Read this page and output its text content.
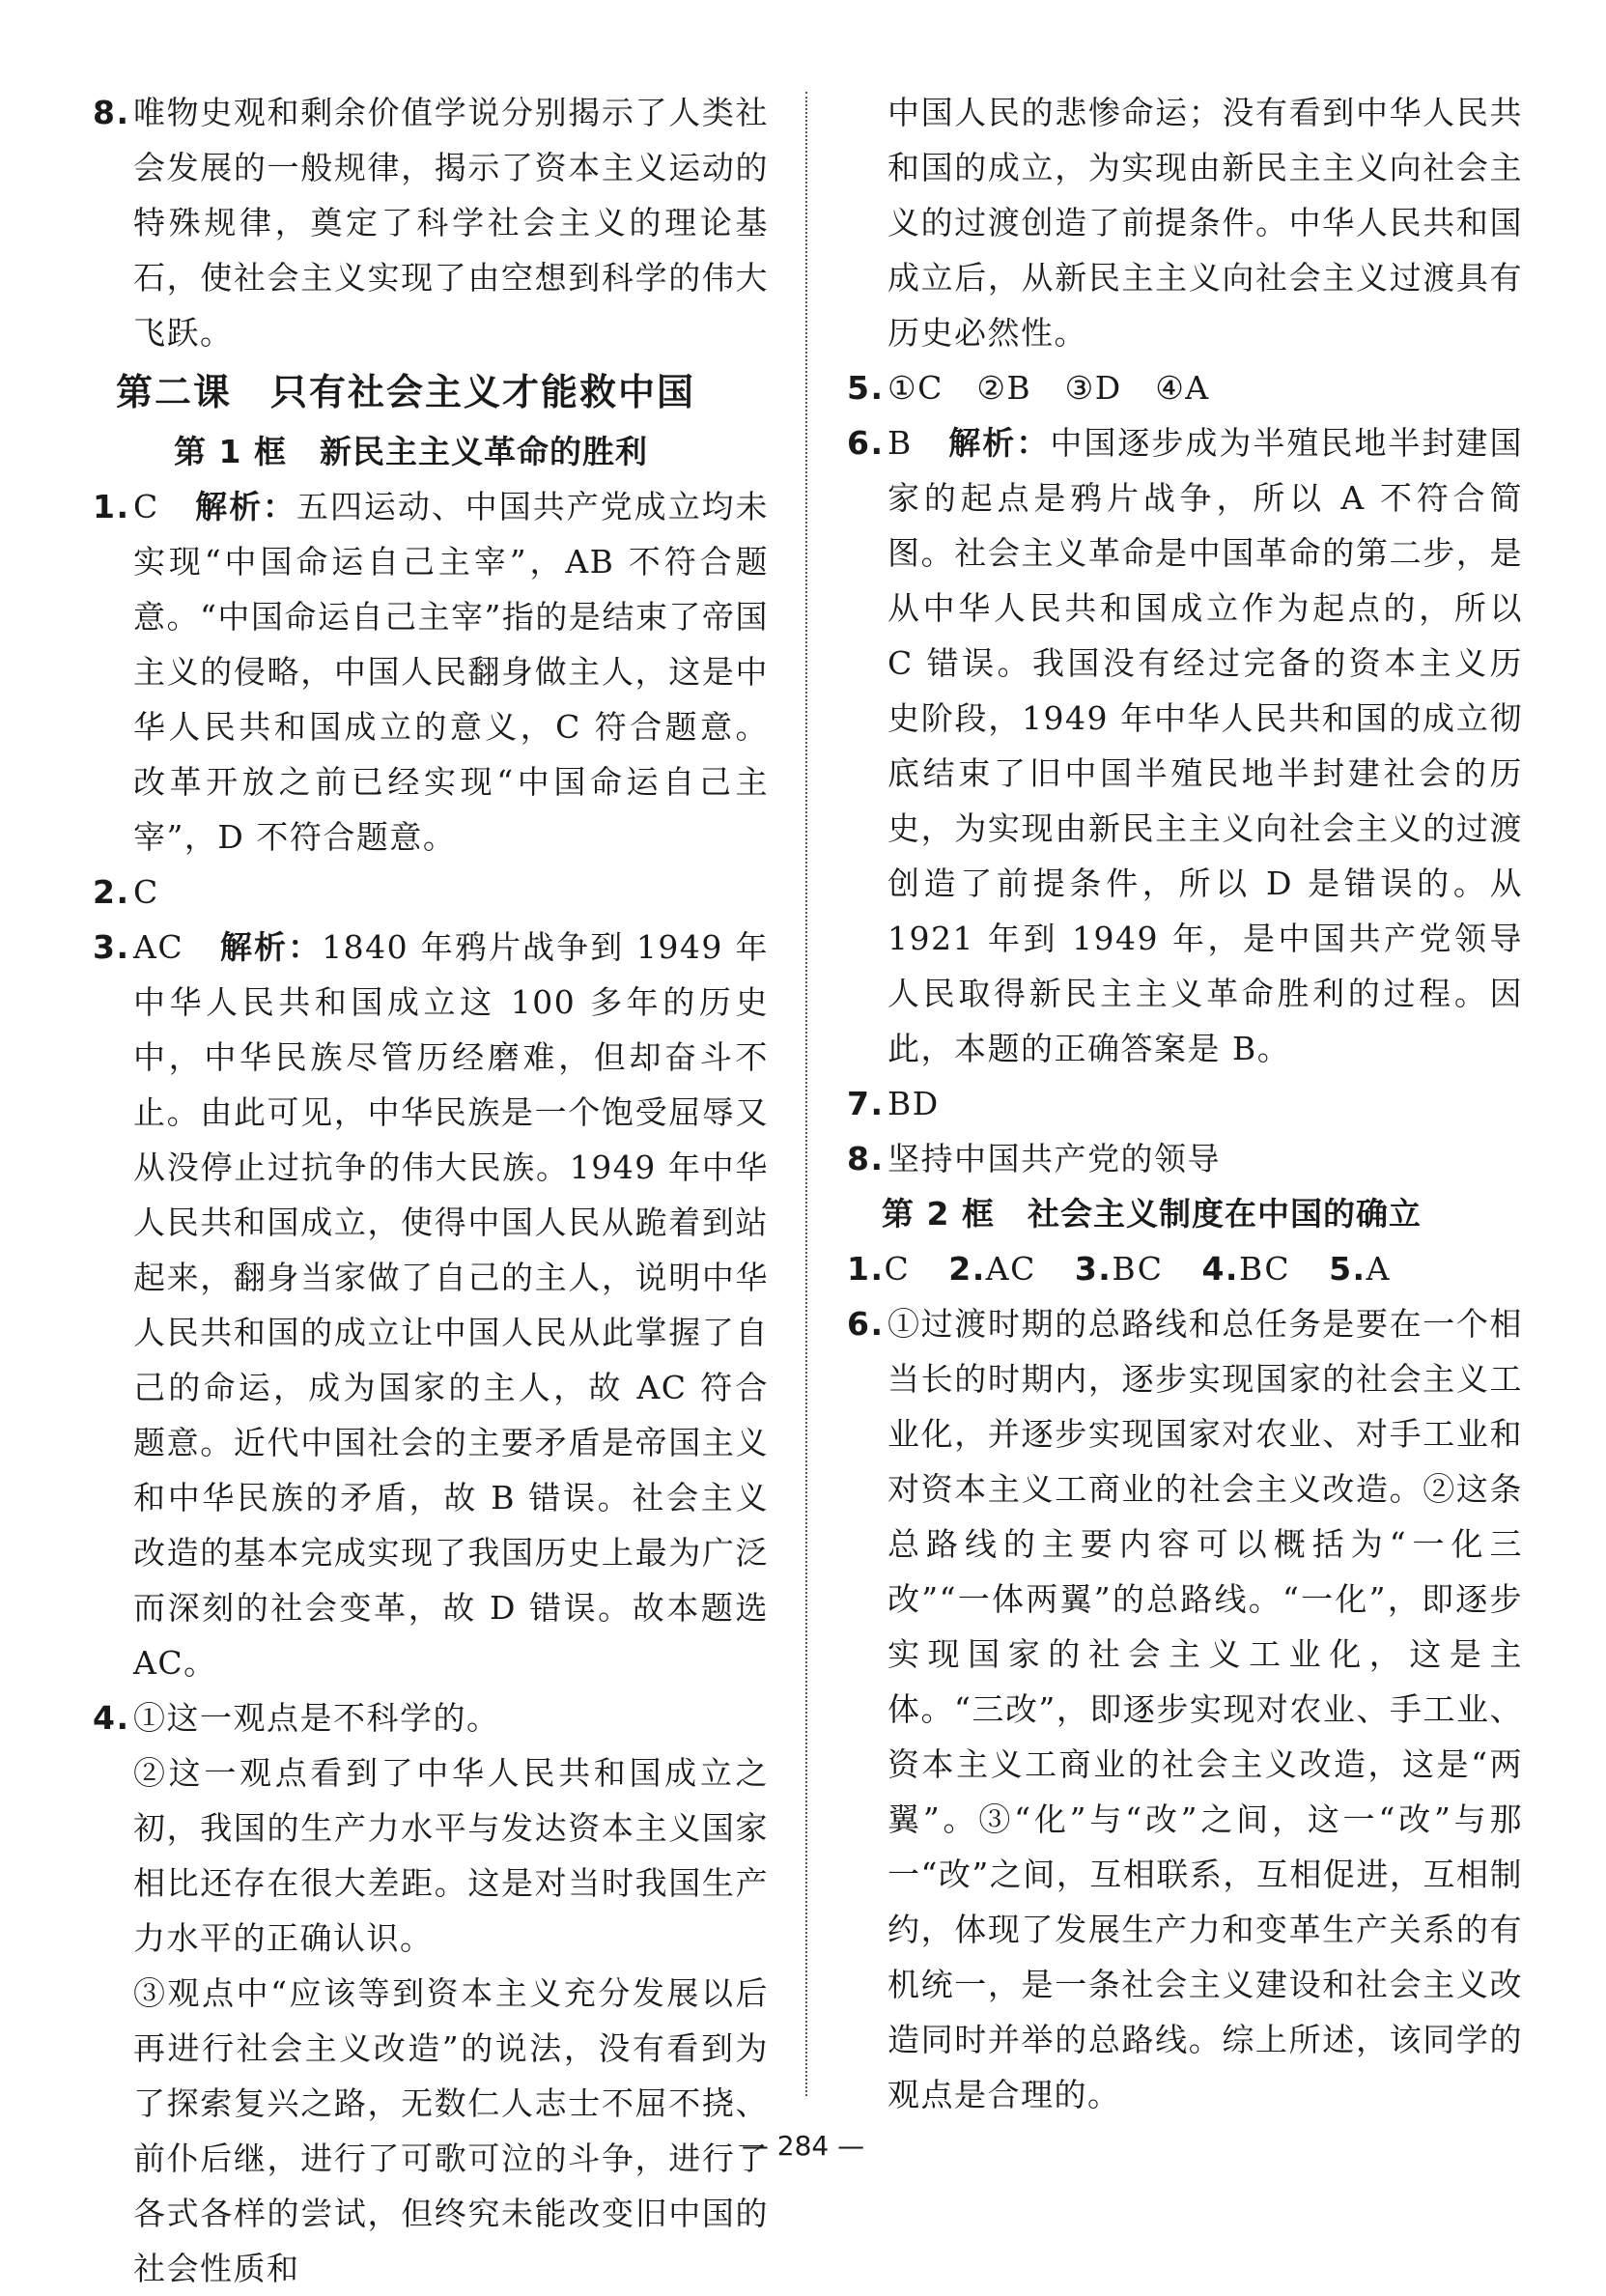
8. 唯物史观和剩余价值学说分别揭示了人类社会发展的一般规律，揭示了资本主义运动的特殊规律，奠定了科学社会主义的理论基石，使社会主义实现了由空想到科学的伟大飞跃。
第二课　只有社会主义才能救中国
第 1 框　新民主主义革命的胜利
1. C 解析：五四运动、中国共产党成立均未实现“中国命运自己主宰”，AB 不符合题意。“中国命运自己主宰”指的是结束了帝国主义的侵略，中国人民翻身做主人，这是中华人民共和国成立的意义，C 符合题意。改革开放之前已经实现“中国命运自己主宰”，D 不符合题意。
2. C
3. AC 解析：1840 年鸦片战争到 1949 年中华人民共和国成立这 100 多年的历史中，中华民族尽管历经磨难，但却奋斗不止。由此可见，中华民族是一个饱受屈辱又从没停止过抗争的伟大民族。1949 年中华人民共和国成立，使得中国人民从跪着到站起来，翻身当家做了自己的主人，说明中华人民共和国的成立让中国人民从此掌握了自己的命运，成为国家的主人，故 AC 符合题意。近代中国社会的主要矛盾是帝国主义和中华民族的矛盾，故 B 错误。社会主义改造的基本完成实现了我国历史上最为广泛而深刻的社会变革，故 D 错误。故本题选 AC。
4. ①这一观点是不科学的。
②这一观点看到了中华人民共和国成立之初，我国的生产力水平与发达资本主义国家相比还存在很大差距。这是对当时我国生产力水平的正确认识。
③观点中“应该等到资本主义充分发展以后再进行社会主义改造”的说法，没有看到为了探索复兴之路，无数仁人志士不屈不挠、前仆后继，进行了可歌可泣的斗争，进行了各式各样的尝试，但终究未能改变旧中国的社会性质和
中国人民的悲惨命运；没有看到中华人民共和国的成立，为实现由新民主主义向社会主义的过渡创造了前提条件。中华人民共和国成立后，从新民主主义向社会主义过渡具有历史必然性。
5. ①C　②B　③D　④A
6. B 解析：中国逐步成为半殖民地半封建国家的起点是鸦片战争，所以 A 不符合简图。社会主义革命是中国革命的第二步，是从中华人民共和国成立作为起点的，所以 C 错误。我国没有经过完备的资本主义历史阶段，1949 年中华人民共和国的成立彻底结束了旧中国半殖民地半封建社会的历史，为实现由新民主主义向社会主义的过渡创造了前提条件，所以 D 是错误的。从 1921 年到 1949 年，是中国共产党领导人民取得新民主主义革命胜利的过程。因此，本题的正确答案是 B。
7. BD
8. 坚持中国共产党的领导
第 2 框　社会主义制度在中国的确立
1.C 2.AC 3.BC 4.BC 5.A
6. ①过渡时期的总路线和总任务是要在一个相当长的时期内，逐步实现国家的社会主义工业化，并逐步实现国家对农业、对手工业和对资本主义工商业的社会主义改造。②这条总路线的主要内容可以概括为“一化三改”“一体两翼”的总路线。“一化”，即逐步实现国家的社会主义工业化，这是主体。“三改”，即逐步实现对农业、手工业、资本主义工商业的社会主义改造，这是“两翼”。③“化”与“改”之间，这一“改”与那一“改”之间，互相联系，互相促进，互相制约，体现了发展生产力和变革生产关系的有机统一，是一条社会主义建设和社会主义改造同时并举的总路线。综上所述，该同学的观点是合理的。
— 284 —
